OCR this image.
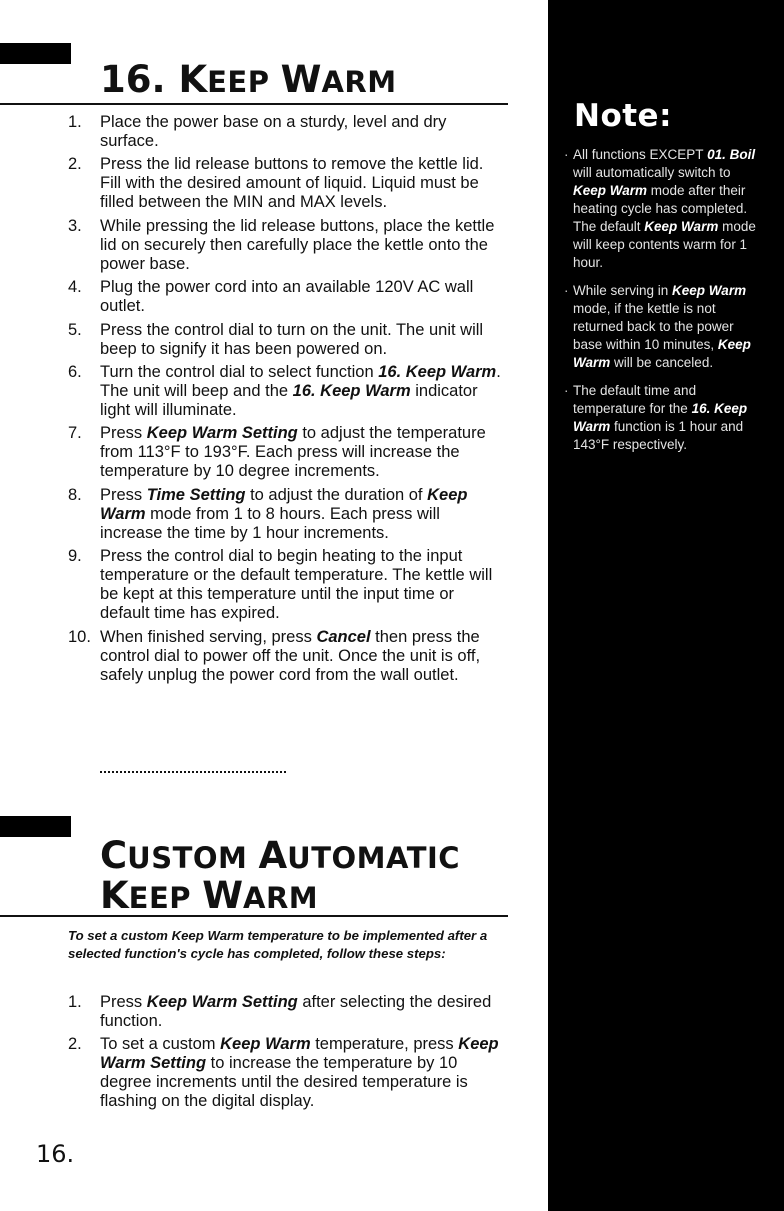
16. KEEP WARM
1. Place the power base on a sturdy, level and dry surface.
2. Press the lid release buttons to remove the kettle lid. Fill with the desired amount of liquid. Liquid must be filled between the MIN and MAX levels.
3. While pressing the lid release buttons, place the kettle lid on securely then carefully place the kettle onto the power base.
4. Plug the power cord into an available 120V AC wall outlet.
5. Press the control dial to turn on the unit. The unit will beep to signify it has been powered on.
6. Turn the control dial to select function 16. Keep Warm. The unit will beep and the 16. Keep Warm indicator light will illuminate.
7. Press Keep Warm Setting to adjust the temperature from 113°F to 193°F. Each press will increase the temperature by 10 degree increments.
8. Press Time Setting to adjust the duration of Keep Warm mode from 1 to 8 hours. Each press will increase the time by 1 hour increments.
9. Press the control dial to begin heating to the input temperature or the default temperature. The kettle will be kept at this temperature until the input time or default time has expired.
10. When finished serving, press Cancel then press the control dial to power off the unit. Once the unit is off, safely unplug the power cord from the wall outlet.
CUSTOM AUTOMATIC
KEEP WARM

To set a custom Keep Warm temperature to be implemented after a selected function's cycle has completed, follow these steps:

1. Press Keep Warm Setting after selecting the desired function.
2. To set a custom Keep Warm temperature, press Keep Warm Setting to increase the temperature by 10 degree increments until the desired temperature is flashing on the digital display.
16.
Note:
· All functions EXCEPT 01. Boil will automatically switch to Keep Warm mode after their heating cycle has completed. The default Keep Warm mode will keep contents warm for 1 hour.
· While serving in Keep Warm mode, if the kettle is not returned back to the power base within 10 minutes, Keep Warm will be canceled.
· The default time and temperature for the 16. Keep Warm function is 1 hour and 143°F respectively.
